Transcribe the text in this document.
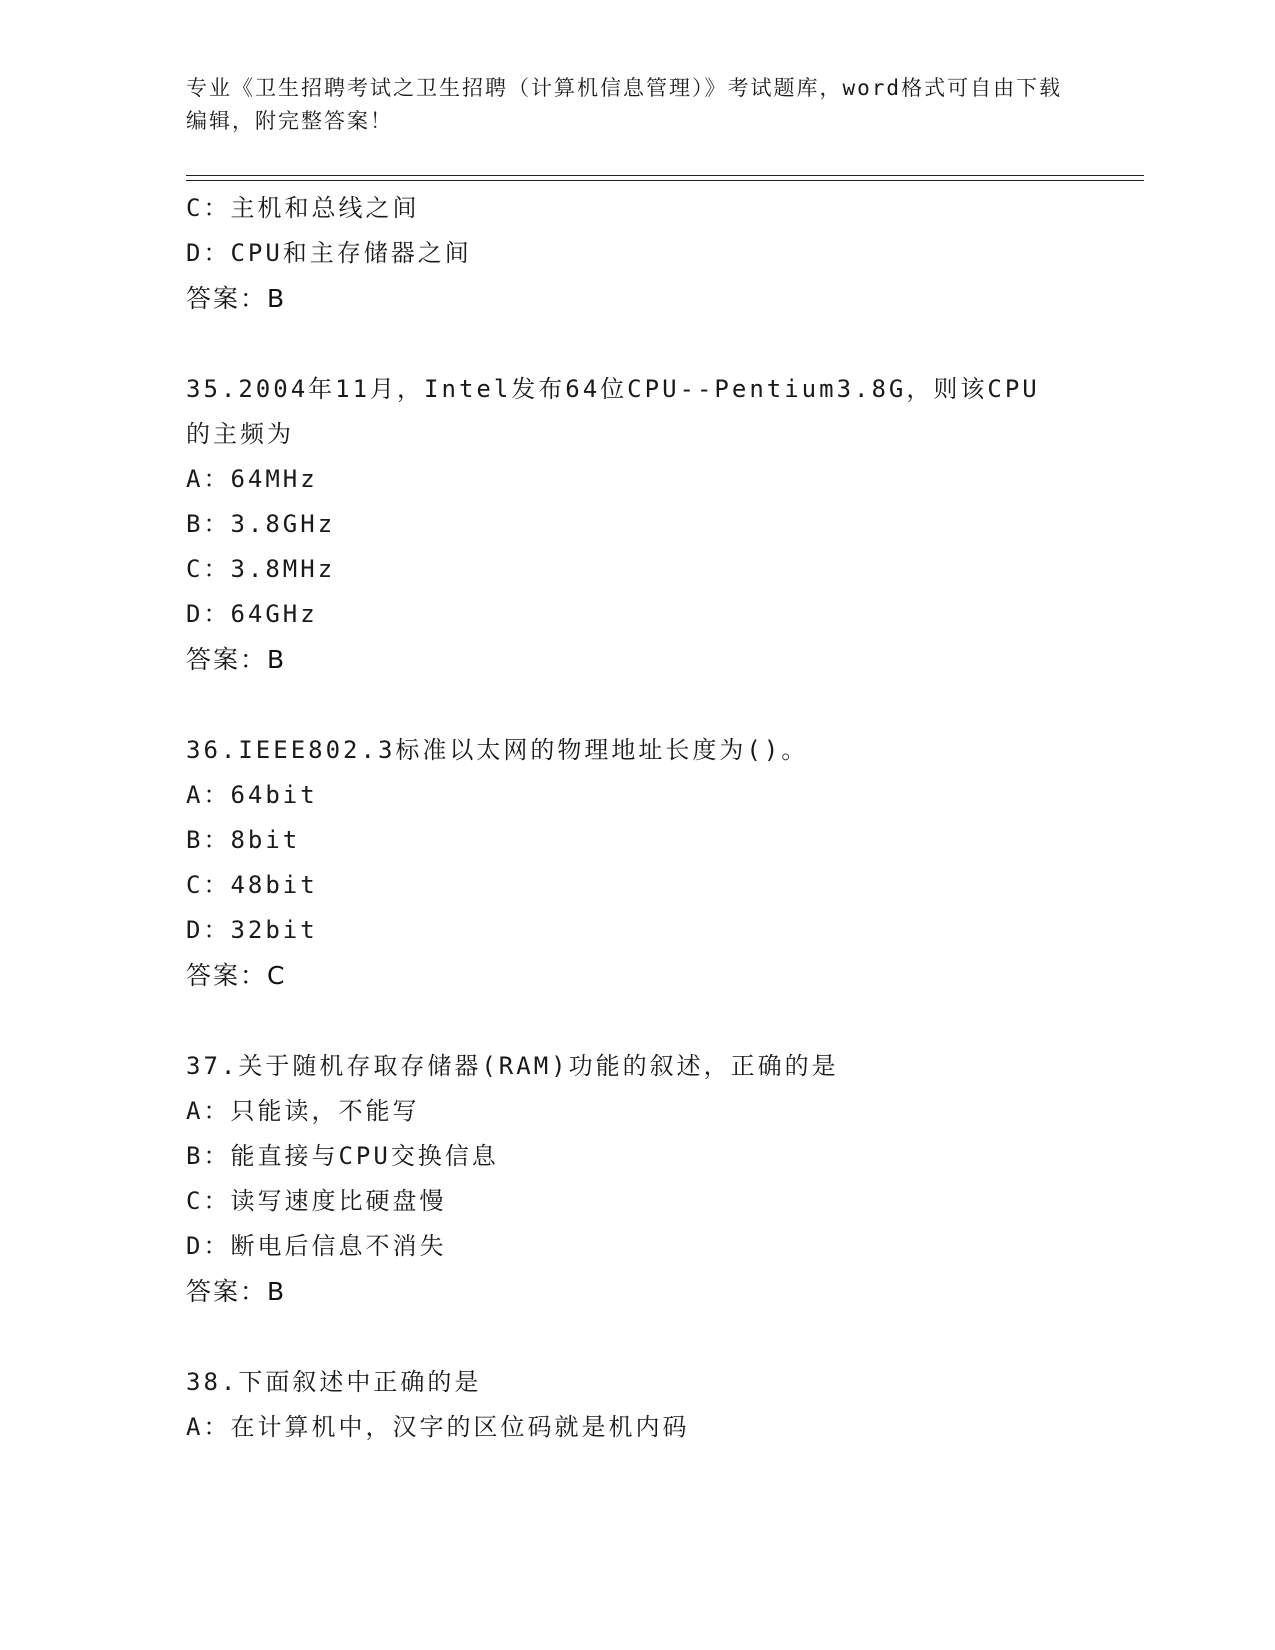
专业《卫生招聘考试之卫生招聘（计算机信息管理）》考试题库，word格式可自由下载编辑，附完整答案！
C：主机和总线之间
D：CPU和主存储器之间
答案：B
35.2004年11月，Intel发布64位CPU--Pentium3.8G，则该CPU的主频为
A：64MHz
B：3.8GHz
C：3.8MHz
D：64GHz
答案：B
36.IEEE802.3标准以太网的物理地址长度为()。
A：64bit
B：8bit
C：48bit
D：32bit
答案：C
37.关于随机存取存储器(RAM)功能的叙述，正确的是
A：只能读，不能写
B：能直接与CPU交换信息
C：读写速度比硬盘慢
D：断电后信息不消失
答案：B
38.下面叙述中正确的是
A：在计算机中，汉字的区位码就是机内码
